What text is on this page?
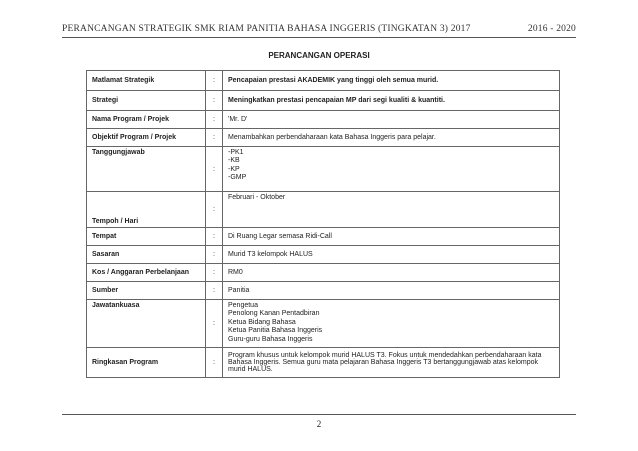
PERANCANGAN STRATEGIK SMK RIAM PANITIA BAHASA INGGERIS (TINGKATAN 3) 2017	2016 - 2020
PERANCANGAN OPERASI
Matlamat Strategik	:	Pencapaian prestasi AKADEMIK yang tinggi oleh semua murid.
Strategi	:	Meningkatkan prestasi pencapaian MP dari segi kualiti & kuantiti.
Nama Program / Projek	:	'Mr. D'
Objektif Program / Projek	:	Menambahkan perbendaharaan kata Bahasa Inggeris para pelajar.
Tanggungjawab	:	-PK1
-KB
-KP
-GMP

Tempoh / Hari	:	Februari - Oktober
Tempat	:	Di Ruang Legar semasa Ridi-Call
Sasaran	:	Murid T3 kelompok HALUS
Kos / Anggaran Perbelanjaan	:	RM0
Sumber	:	Panitia
Jawatankuasa	:	Pengetua
Penolong Kanan Pentadbiran
Ketua Bidang Bahasa
Ketua Panitia Bahasa Inggeris
Guru-guru Bahasa Inggeris

Ringkasan Program	:	Program khusus untuk kelompok murid HALUS T3. Fokus untuk mendedahkan perbendaharaan kata Bahasa Inggeris. Semua guru mata pelajaran Bahasa Inggeris T3 bertanggungjawab atas kelompok murid HALUS.
2
